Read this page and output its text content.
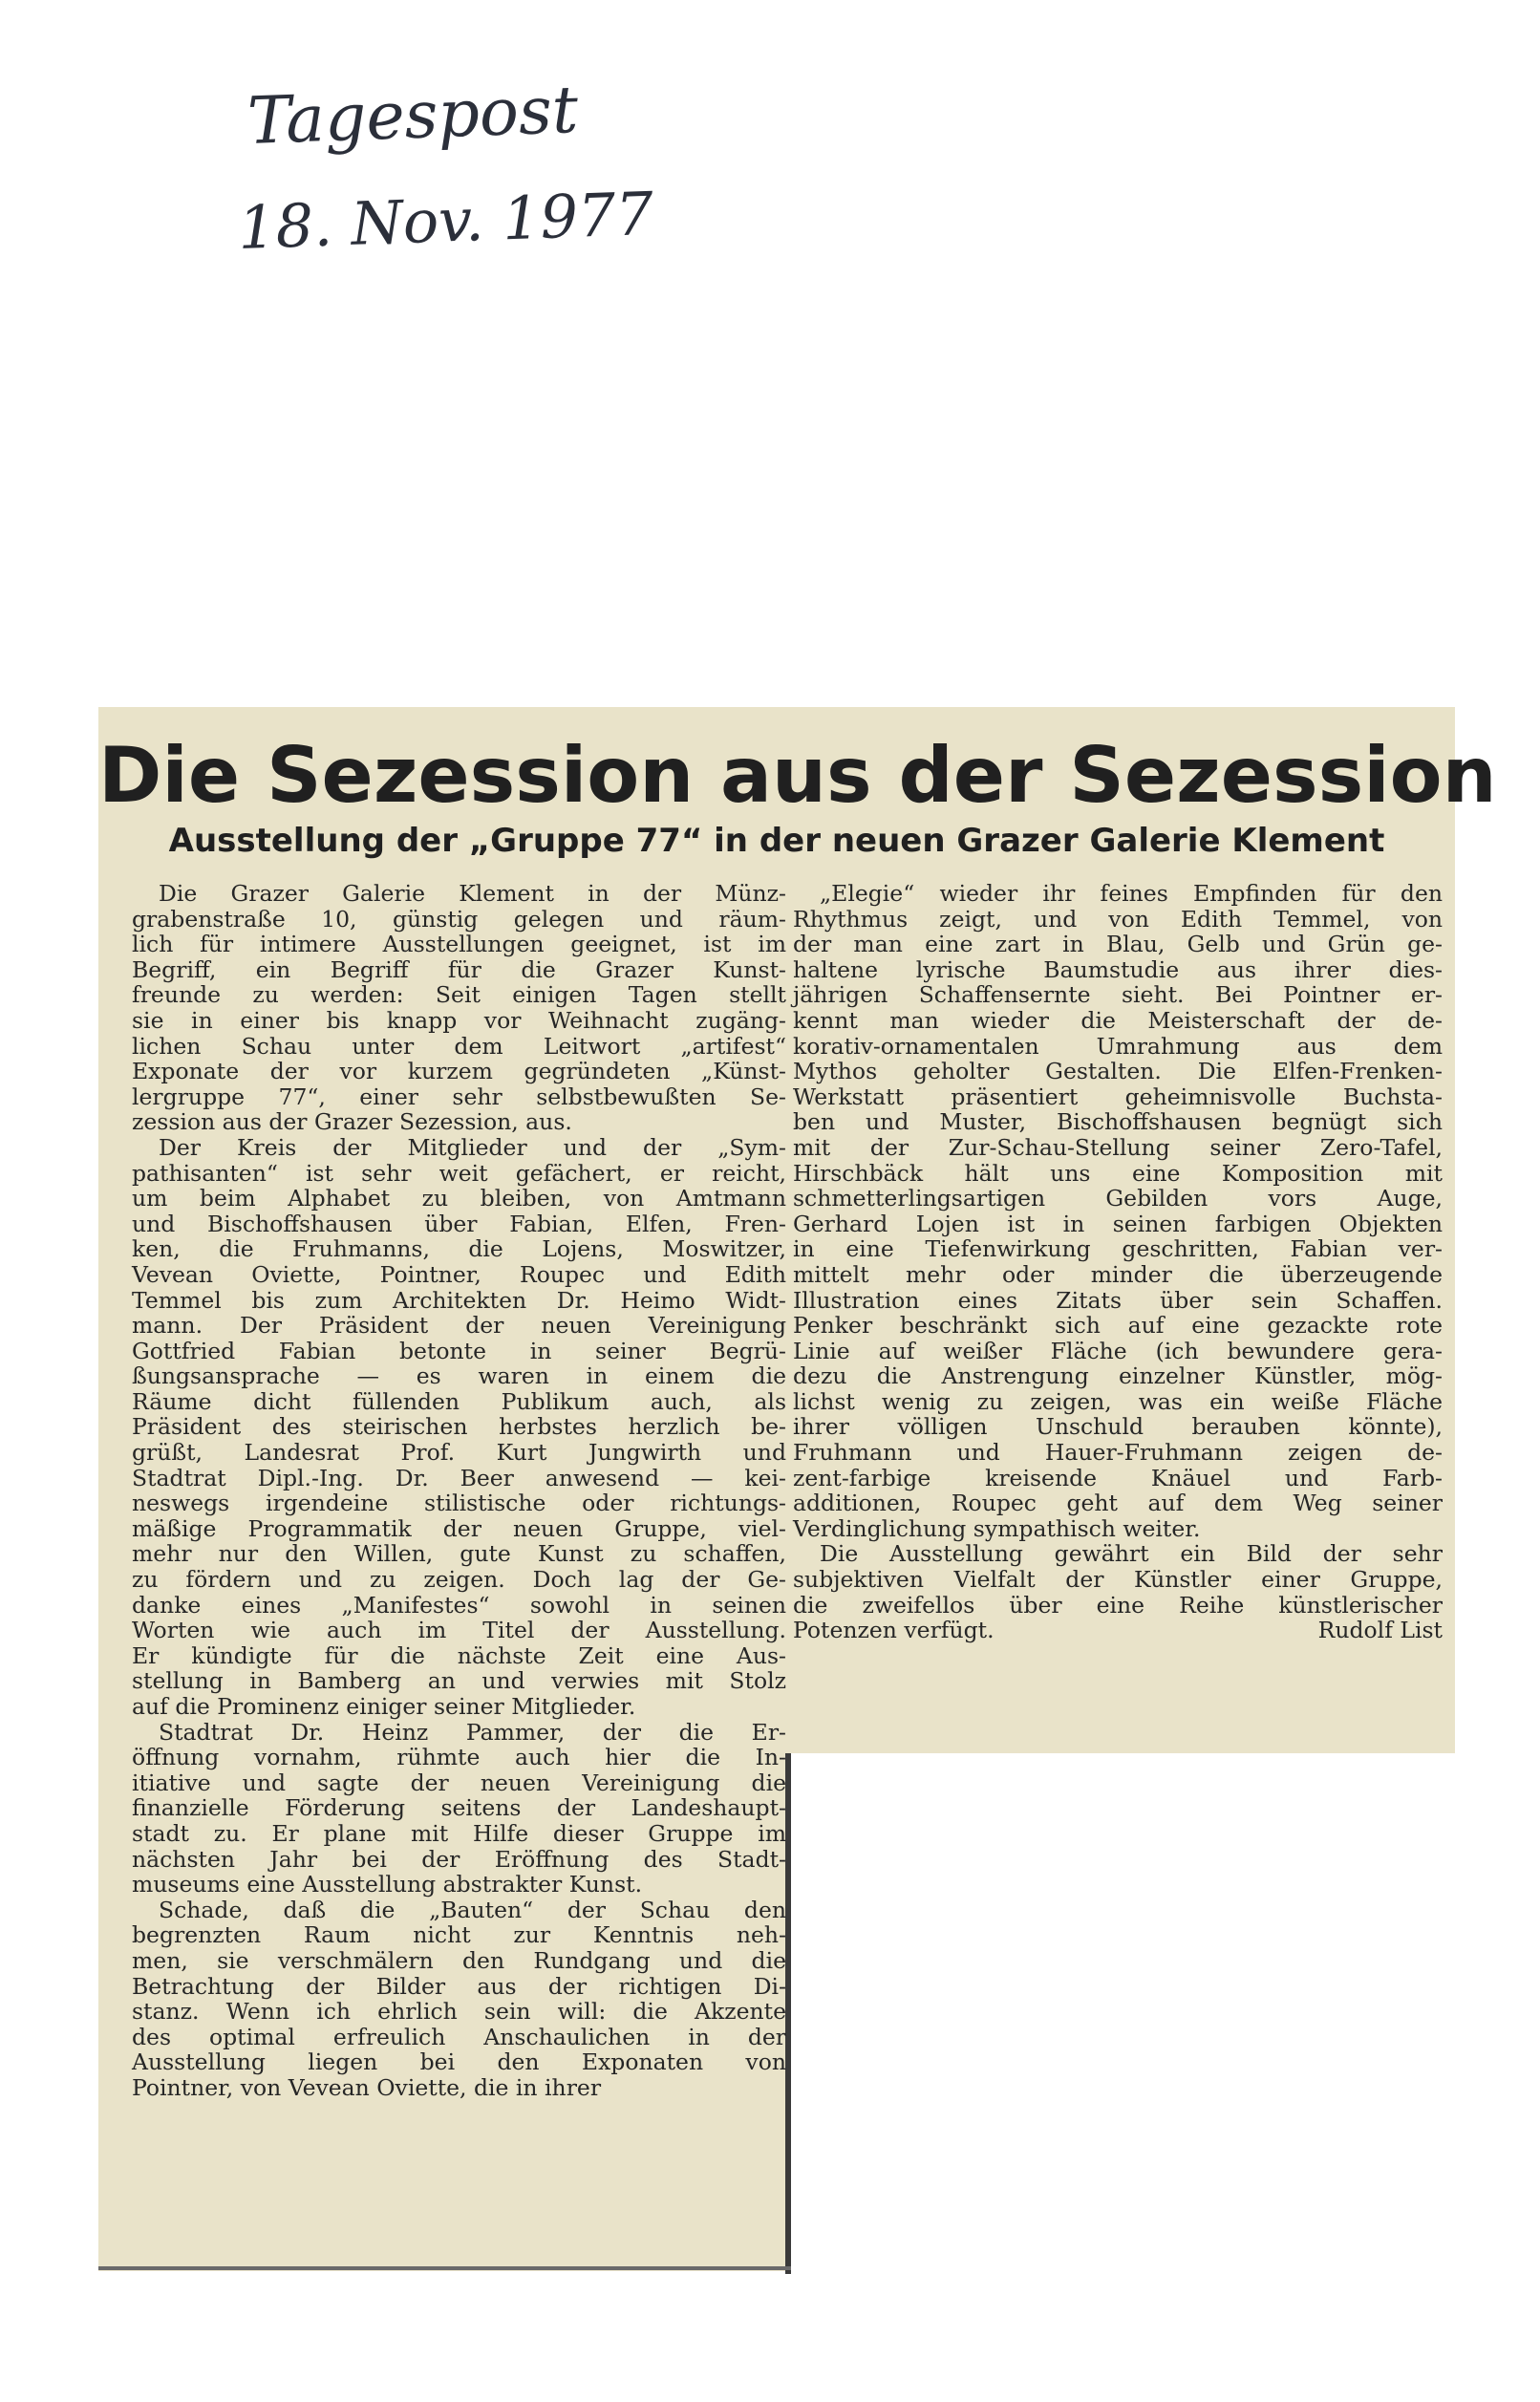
Tagespost
18. Nov. 1977
Die Sezession aus der Sezession
Ausstellung der „Gruppe 77“ in der neuen Grazer Galerie Klement
Die Grazer Galerie Klement in der Münz-
grabenstraße 10, günstig gelegen und räum-
lich für intimere Ausstellungen geeignet, ist im
Begriff, ein Begriff für die Grazer Kunst-
freunde zu werden: Seit einigen Tagen stellt
sie in einer bis knapp vor Weihnacht zugäng-
lichen Schau unter dem Leitwort „artifest“
Exponate der vor kurzem gegründeten „Künst-
lergruppe 77“, einer sehr selbstbewußten Se-
zession aus der Grazer Sezession, aus.
Der Kreis der Mitglieder und der „Sym-
pathisanten“ ist sehr weit gefächert, er reicht,
um beim Alphabet zu bleiben, von Amtmann
und Bischoffshausen über Fabian, Elfen, Fren-
ken, die Fruhmanns, die Lojens, Moswitzer,
Vevean Oviette, Pointner, Roupec und Edith
Temmel bis zum Architekten Dr. Heimo Widt-
mann. Der Präsident der neuen Vereinigung
Gottfried Fabian betonte in seiner Begrü-
ßungsansprache — es waren in einem die
Räume dicht füllenden Publikum auch, als
Präsident des steirischen herbstes herzlich be-
grüßt, Landesrat Prof. Kurt Jungwirth und
Stadtrat Dipl.-Ing. Dr. Beer anwesend — kei-
neswegs irgendeine stilistische oder richtungs-
mäßige Programmatik der neuen Gruppe, viel-
mehr nur den Willen, gute Kunst zu schaffen,
zu fördern und zu zeigen. Doch lag der Ge-
danke eines „Manifestes“ sowohl in seinen
Worten wie auch im Titel der Ausstellung.
Er kündigte für die nächste Zeit eine Aus-
stellung in Bamberg an und verwies mit Stolz
auf die Prominenz einiger seiner Mitglieder.
Stadtrat Dr. Heinz Pammer, der die Er-
öffnung vornahm, rühmte auch hier die In-
itiative und sagte der neuen Vereinigung die
finanzielle Förderung seitens der Landeshaupt-
stadt zu. Er plane mit Hilfe dieser Gruppe im
nächsten Jahr bei der Eröffnung des Stadt-
museums eine Ausstellung abstrakter Kunst.
Schade, daß die „Bauten“ der Schau den
begrenzten Raum nicht zur Kenntnis neh-
men, sie verschmälern den Rundgang und die
Betrachtung der Bilder aus der richtigen Di-
stanz. Wenn ich ehrlich sein will: die Akzente
des optimal erfreulich Anschaulichen in der
Ausstellung liegen bei den Exponaten von
Pointner, von Vevean Oviette, die in ihrer
„Elegie“ wieder ihr feines Empfinden für den
Rhythmus zeigt, und von Edith Temmel, von
der man eine zart in Blau, Gelb und Grün ge-
haltene lyrische Baumstudie aus ihrer dies-
jährigen Schaffensernte sieht. Bei Pointner er-
kennt man wieder die Meisterschaft der de-
korativ-ornamentalen Umrahmung aus dem
Mythos geholter Gestalten. Die Elfen-Frenken-
Werkstatt präsentiert geheimnisvolle Buchsta-
ben und Muster, Bischoffshausen begnügt sich
mit der Zur-Schau-Stellung seiner Zero-Tafel,
Hirschbäck hält uns eine Komposition mit
schmetterlingsartigen Gebilden vors Auge,
Gerhard Lojen ist in seinen farbigen Objekten
in eine Tiefenwirkung geschritten, Fabian ver-
mittelt mehr oder minder die überzeugende
Illustration eines Zitats über sein Schaffen.
Penker beschränkt sich auf eine gezackte rote
Linie auf weißer Fläche (ich bewundere gera-
dezu die Anstrengung einzelner Künstler, mög-
lichst wenig zu zeigen, was ein weiße Fläche
ihrer völligen Unschuld berauben könnte),
Fruhmann und Hauer-Fruhmann zeigen de-
zent-farbige kreisende Knäuel und Farb-
additionen, Roupec geht auf dem Weg seiner
Verdinglichung sympathisch weiter.
Die Ausstellung gewährt ein Bild der sehr
subjektiven Vielfalt der Künstler einer Gruppe,
die zweifellos über eine Reihe künstlerischer
Potenzen verfügt.	Rudolf List
